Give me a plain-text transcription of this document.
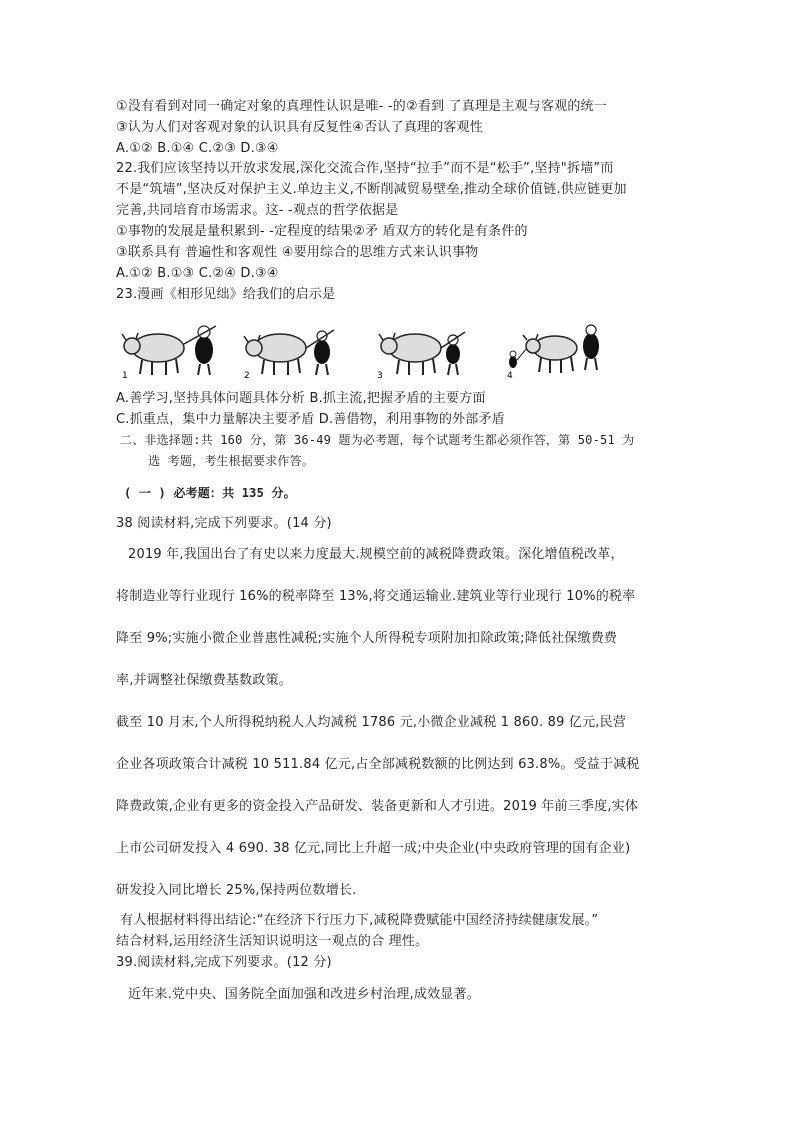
①没有看到对同一确定对象的真理性认识是唯- -的②看到 了真理是主观与客观的统一
③认为人们对客观对象的认识具有反复性④否认了真理的客观性
A.①② B.①④ C.②③ D.③④
22.我们应该坚持以开放求发展,深化交流合作,坚持“拉手”而不是“松手”,坚持"拆墙”而
不是“筑墙”,坚决反对保护主义.单边主义,不断削减贸易壁垒,推动全球价值链.供应链更加
完善,共同培育市场需求。这- -观点的哲学依据是
①事物的发展是量积累到- -定程度的结果②矛 盾双方的转化是有条件的
③联系具有 普遍性和客观性 ④要用综合的思维方式来认识事物
A.①② B.①③ C.②④ D.③④
23.漫画《相形见绌》给我们的启示是
1	2	3	4
A.善学习,坚持具体问题具体分析 B.抓主流,把握矛盾的主要方面
C.抓重点，集中力量解决主要矛盾 D.善借物，利用事物的外部矛盾
二、非选择题:共 160 分，第 36-49 题为必考题，每个试题考生都必须作答，第 50-51 为
选 考题，考生根据要求作答。
( 一 ) 必考题：共 135 分。
38 阅读材料,完成下列要求。(14 分)
2019 年,我国出台了有史以来力度最大.规模空前的减税降费政策。深化增值税改革，
将制造业等行业现行 16%的税率降至 13%,将交通运输业.建筑业等行业现行 10%的税率
降至 9%;实施小微企业普惠性减税;实施个人所得税专项附加扣除政策;降低社保缴费费
率,并调整社保缴费基数政策。
截至 10 月末,个人所得税纳税人人均减税 1786 元,小微企业减税 1 860. 89 亿元,民营
企业各项政策合计减税 10 511.84 亿元,占全部减税数额的比例达到 63.8%。受益于减税
降费政策,企业有更多的资金投入产品研发、装备更新和人才引进。2019 年前三季度,实体
上市公司研发投入 4 690. 38 亿元,同比上升超一成;中央企业(中央政府管理的国有企业)
研发投入同比增长 25%,保持两位数增长.
有人根据材料得出结论:“在经济下行压力下,减税降费赋能中国经济持续健康发展。”
结合材料,运用经济生活知识说明这一观点的合 理性。
39.阅读材料,完成下列要求。(12 分)
近年来.党中央、国务院全面加强和改进乡村治理,成效显著。
